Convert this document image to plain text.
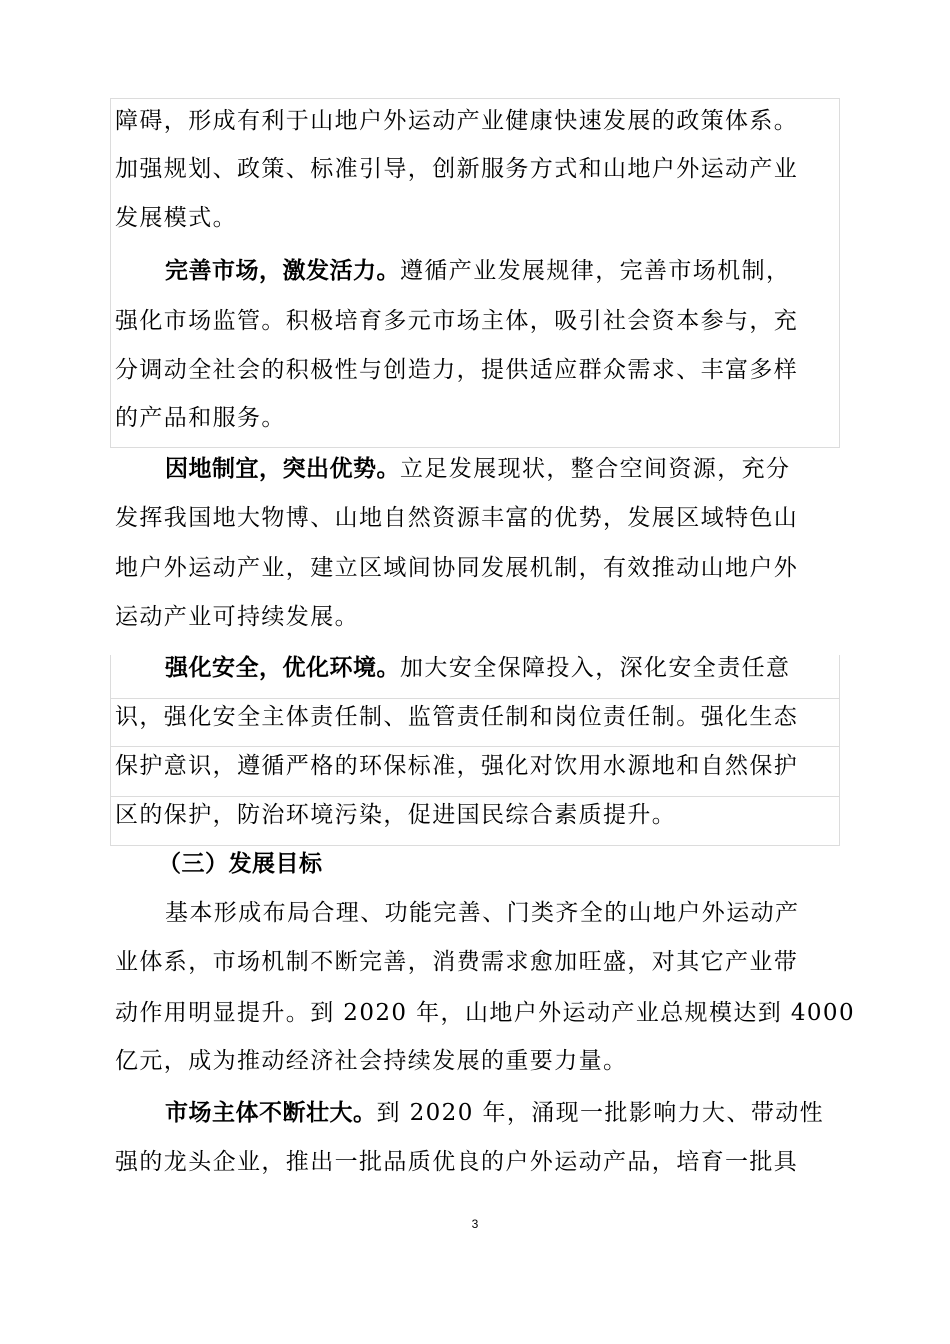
障碍，形成有利于山地户外运动产业健康快速发展的政策体系。
加强规划、政策、标准引导，创新服务方式和山地户外运动产业
发展模式。
完善市场，激发活力。遵循产业发展规律，完善市场机制，
强化市场监管。积极培育多元市场主体，吸引社会资本参与，充
分调动全社会的积极性与创造力，提供适应群众需求、丰富多样
的产品和服务。
因地制宜，突出优势。立足发展现状，整合空间资源，充分
发挥我国地大物博、山地自然资源丰富的优势，发展区域特色山
地户外运动产业，建立区域间协同发展机制，有效推动山地户外
运动产业可持续发展。
强化安全，优化环境。加大安全保障投入，深化安全责任意
识，强化安全主体责任制、监管责任制和岗位责任制。强化生态
保护意识，遵循严格的环保标准，强化对饮用水源地和自然保护
区的保护，防治环境污染，促进国民综合素质提升。
（三）发展目标
基本形成布局合理、功能完善、门类齐全的山地户外运动产
业体系，市场机制不断完善，消费需求愈加旺盛，对其它产业带
动作用明显提升。到 2020 年，山地户外运动产业总规模达到 4000
亿元，成为推动经济社会持续发展的重要力量。
市场主体不断壮大。到 2020 年，涌现一批影响力大、带动性
强的龙头企业，推出一批品质优良的户外运动产品，培育一批具
3
